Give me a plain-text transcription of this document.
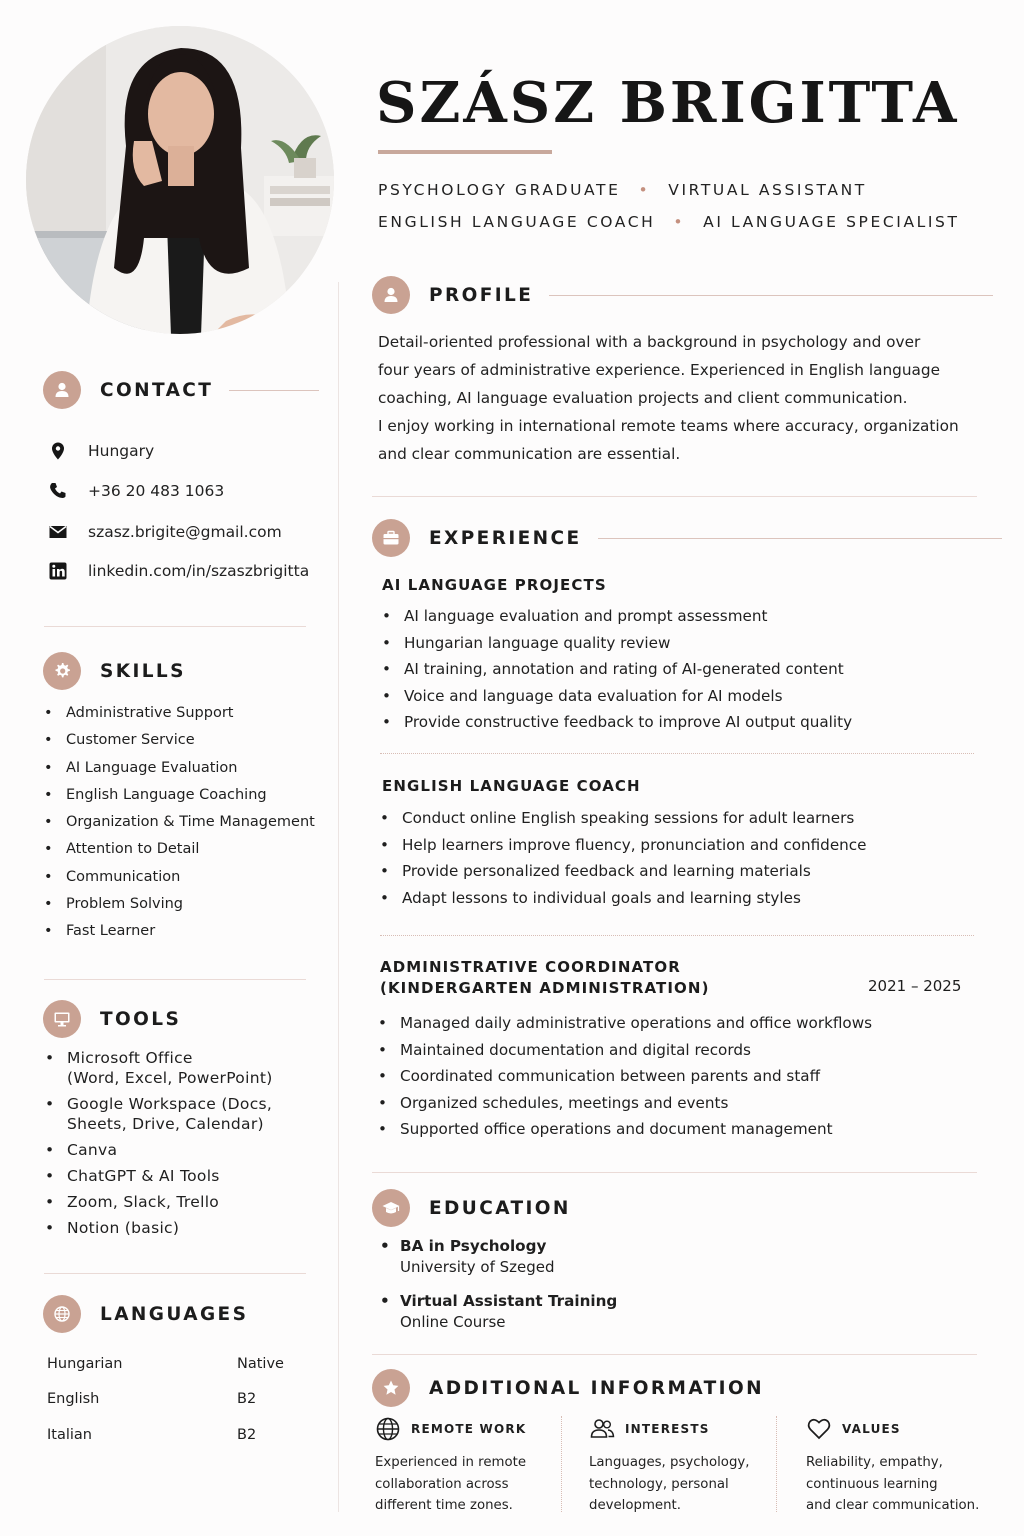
SZÁSZ BRIGITTA
PSYCHOLOGY GRADUATE • VIRTUAL ASSISTANT
ENGLISH LANGUAGE COACH • AI LANGUAGE SPECIALIST
CONTACT
Hungary
+36 20 483 1063
szasz.brigite@gmail.com
linkedin.com/in/szaszbrigitta
SKILLS
• Administrative Support
• Customer Service
• AI Language Evaluation
• English Language Coaching
• Organization & Time Management
• Attention to Detail
• Communication
• Problem Solving
• Fast Learner
TOOLS
• Microsoft Office
(Word, Excel, PowerPoint)
• Google Workspace (Docs,
Sheets, Drive, Calendar)
• Canva
• ChatGPT & AI Tools
• Zoom, Slack, Trello
• Notion (basic)
LANGUAGES
Hungarian	Native
English	B2
Italian	B2
PROFILE
Detail-oriented professional with a background in psychology and over
four years of administrative experience. Experienced in English language
coaching, AI language evaluation projects and client communication.
I enjoy working in international remote teams where accuracy, organization
and clear communication are essential.
EXPERIENCE
AI LANGUAGE PROJECTS
• AI language evaluation and prompt assessment
• Hungarian language quality review
• AI training, annotation and rating of AI-generated content
• Voice and language data evaluation for AI models
• Provide constructive feedback to improve AI output quality
ENGLISH LANGUAGE COACH
• Conduct online English speaking sessions for adult learners
• Help learners improve fluency, pronunciation and confidence
• Provide personalized feedback and learning materials
• Adapt lessons to individual goals and learning styles
ADMINISTRATIVE COORDINATOR
(KINDERGARTEN ADMINISTRATION)	2021 – 2025
• Managed daily administrative operations and office workflows
• Maintained documentation and digital records
• Coordinated communication between parents and staff
• Organized schedules, meetings and events
• Supported office operations and document management
EDUCATION
• BA in Psychology
University of Szeged
• Virtual Assistant Training
Online Course
ADDITIONAL INFORMATION
REMOTE WORK
Experienced in remote
collaboration across
different time zones.
INTERESTS
Languages, psychology,
technology, personal
development.
VALUES
Reliability, empathy,
continuous learning
and clear communication.
